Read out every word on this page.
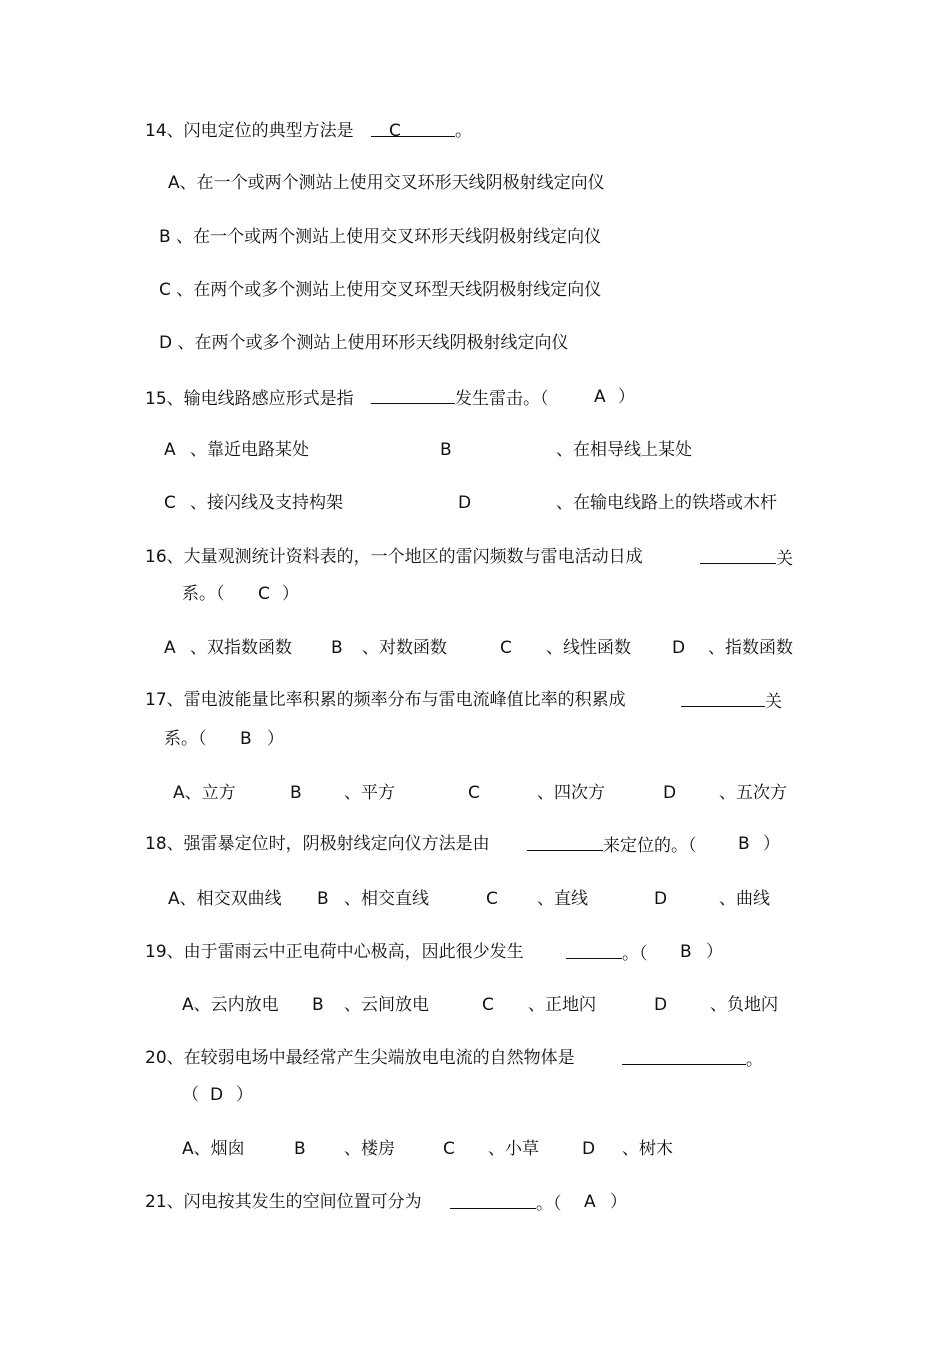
14、闪电定位的典型方法是 C	。
A、在一个或两个测站上使用交叉环形天线阴极射线定向仪
B 、在一个或两个测站上使用交叉环形天线阴极射线定向仪
C 、在两个或多个测站上使用交叉环型天线阴极射线定向仪
D 、在两个或多个测站上使用环形天线阴极射线定向仪
15、输电线路感应形式是指	发生雷击。（	A ）
A 、靠近电路某处	B	、在相导线上某处
C 、接闪线及支持构架	D	、在输电线路上的铁塔或木杆
16、大量观测统计资料表的，一个地区的雷闪频数与雷电活动日成	关
系。（ C ）
A 、双指数函数 B 、对数函数	C 、线性函数 D 、指数函数
17、雷电波能量比率积累的频率分布与雷电流峰值比率的积累成	关
系。（ B ）
A、立方	B 、平方	C	、四次方	D	、五次方
18、强雷暴定位时，阴极射线定向仪方法是由	来定位的。（ B ）
A、相交双曲线 B 、相交直线	C 、直线	D	、曲线
19、由于雷雨云中正电荷中心极高，因此很少发生	。（ B ）
A、云内放电 B 、云间放电	C 、正地闪	D	、负地闪
20、在较弱电场中最经常产生尖端放电电流的自然物体是	。
（ D ）
A、烟囱	B 、楼房	C 、小草	D 、树木
21、闪电按其发生的空间位置可分为	。（ A ）
